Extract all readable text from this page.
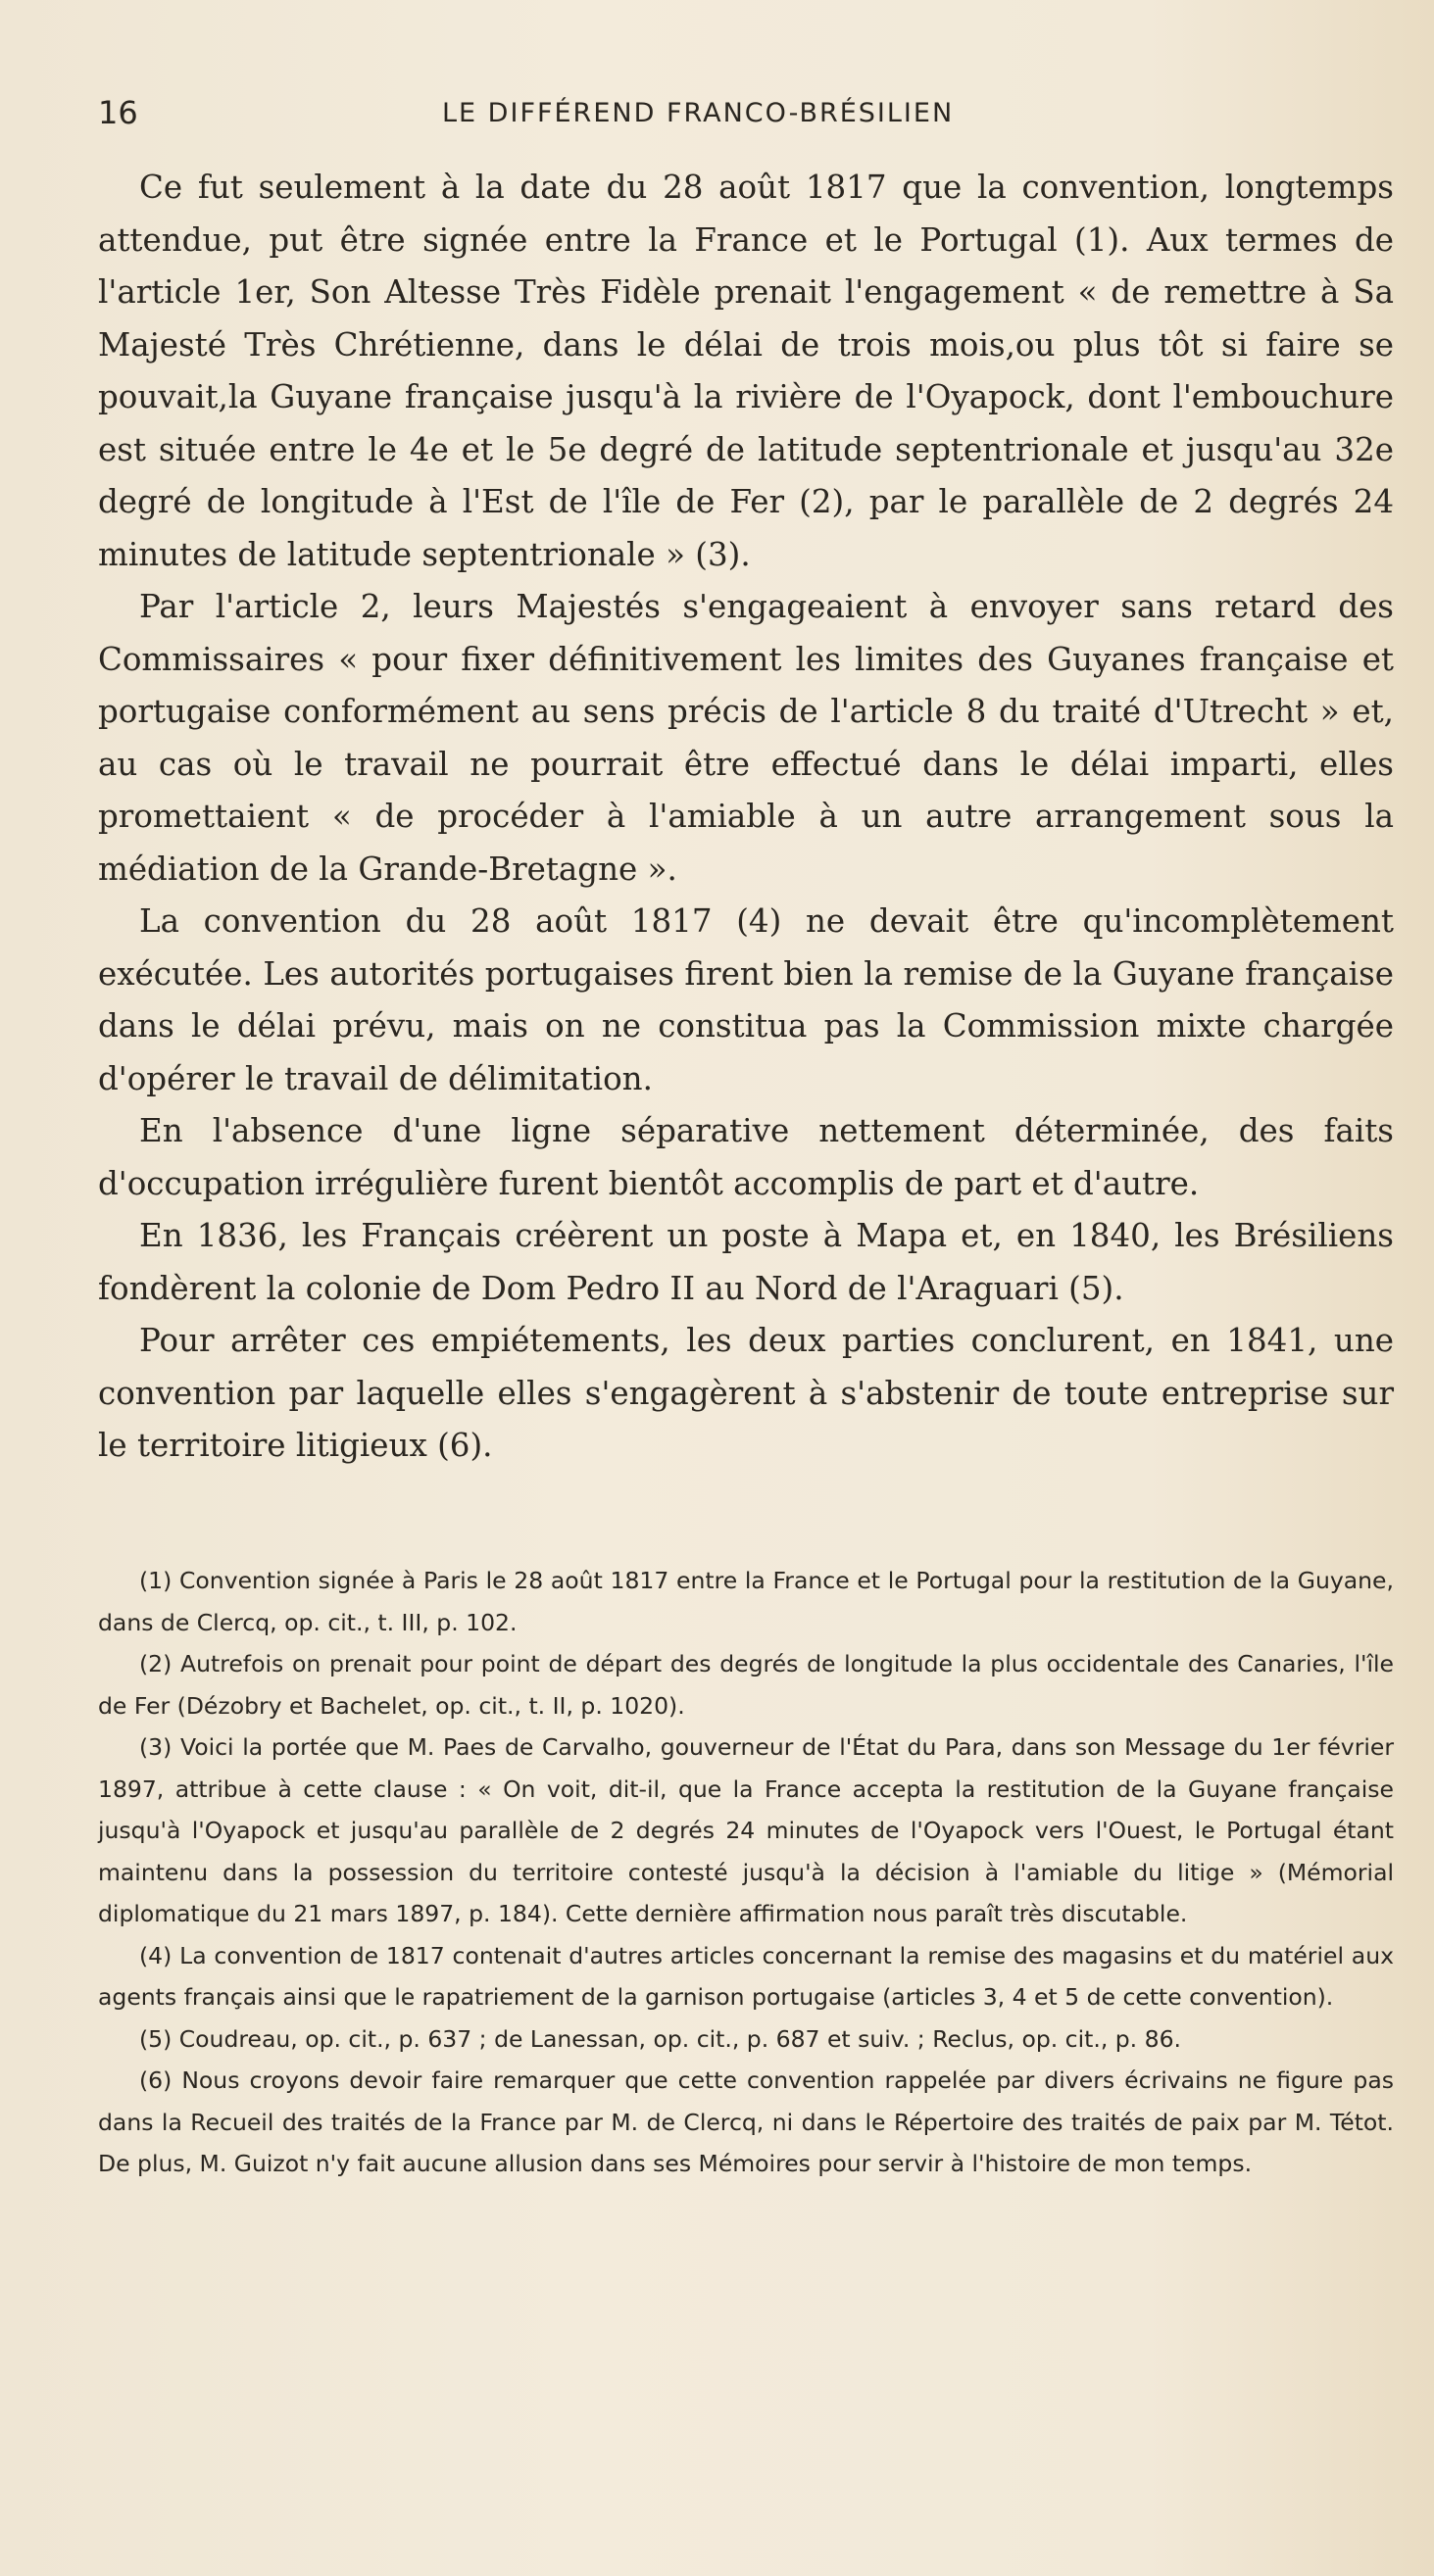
16	LE DIFFÉREND FRANCO-BRÉSILIEN

Ce fut seulement à la date du 28 août 1817 que la convention, longtemps attendue, put être signée entre la France et le Portugal (1). Aux termes de l'article 1er, Son Altesse Très Fidèle prenait l'engagement « de remettre à Sa Majesté Très Chrétienne, dans le délai de trois mois,ou plus tôt si faire se pouvait,la Guyane française jusqu'à la rivière de l'Oyapock, dont l'embouchure est située entre le 4e et le 5e degré de latitude septentrionale et jusqu'au 32e degré de longitude à l'Est de l'île de Fer (2), par le parallèle de 2 degrés 24 minutes de latitude septentrionale » (3).

Par l'article 2, leurs Majestés s'engageaient à envoyer sans retard des Commissaires « pour fixer définitivement les limites des Guyanes française et portugaise conformément au sens précis de l'article 8 du traité d'Utrecht » et, au cas où le travail ne pourrait être effectué dans le délai imparti, elles promettaient « de procéder à l'amiable à un autre arrangement sous la médiation de la Grande-Bretagne ».

La convention du 28 août 1817 (4) ne devait être qu'incomplètement exécutée. Les autorités portugaises firent bien la remise de la Guyane française dans le délai prévu, mais on ne constitua pas la Commission mixte chargée d'opérer le travail de délimitation.

En l'absence d'une ligne séparative nettement déterminée, des faits d'occupation irrégulière furent bientôt accomplis de part et d'autre.

En 1836, les Français créèrent un poste à Mapa et, en 1840, les Brésiliens fondèrent la colonie de Dom Pedro II au Nord de l'Araguari (5).

Pour arrêter ces empiétements, les deux parties conclurent, en 1841, une convention par laquelle elles s'engagèrent à s'abstenir de toute entreprise sur le territoire litigieux (6).

(1) Convention signée à Paris le 28 août 1817 entre la France et le Portugal pour la restitution de la Guyane, dans de Clercq, op. cit., t. III, p. 102.

(2) Autrefois on prenait pour point de départ des degrés de longitude la plus occidentale des Canaries, l'île de Fer (Dézobry et Bachelet, op. cit., t. II, p. 1020).

(3) Voici la portée que M. Paes de Carvalho, gouverneur de l'État du Para, dans son Message du 1er février 1897, attribue à cette clause : « On voit, dit-il, que la France accepta la restitution de la Guyane française jusqu'à l'Oyapock et jusqu'au parallèle de 2 degrés 24 minutes de l'Oyapock vers l'Ouest, le Portugal étant maintenu dans la possession du territoire contesté jusqu'à la décision à l'amiable du litige » (Mémorial diplomatique du 21 mars 1897, p. 184). Cette dernière affirmation nous paraît très discutable.

(4) La convention de 1817 contenait d'autres articles concernant la remise des magasins et du matériel aux agents français ainsi que le rapatriement de la garnison portugaise (articles 3, 4 et 5 de cette convention).

(5) Coudreau, op. cit., p. 637 ; de Lanessan, op. cit., p. 687 et suiv. ; Reclus, op. cit., p. 86.

(6) Nous croyons devoir faire remarquer que cette convention rappelée par divers écrivains ne figure pas dans la Recueil des traités de la France par M. de Clercq, ni dans le Répertoire des traités de paix par M. Tétot. De plus, M. Guizot n'y fait aucune allusion dans ses Mémoires pour servir à l'histoire de mon temps.
